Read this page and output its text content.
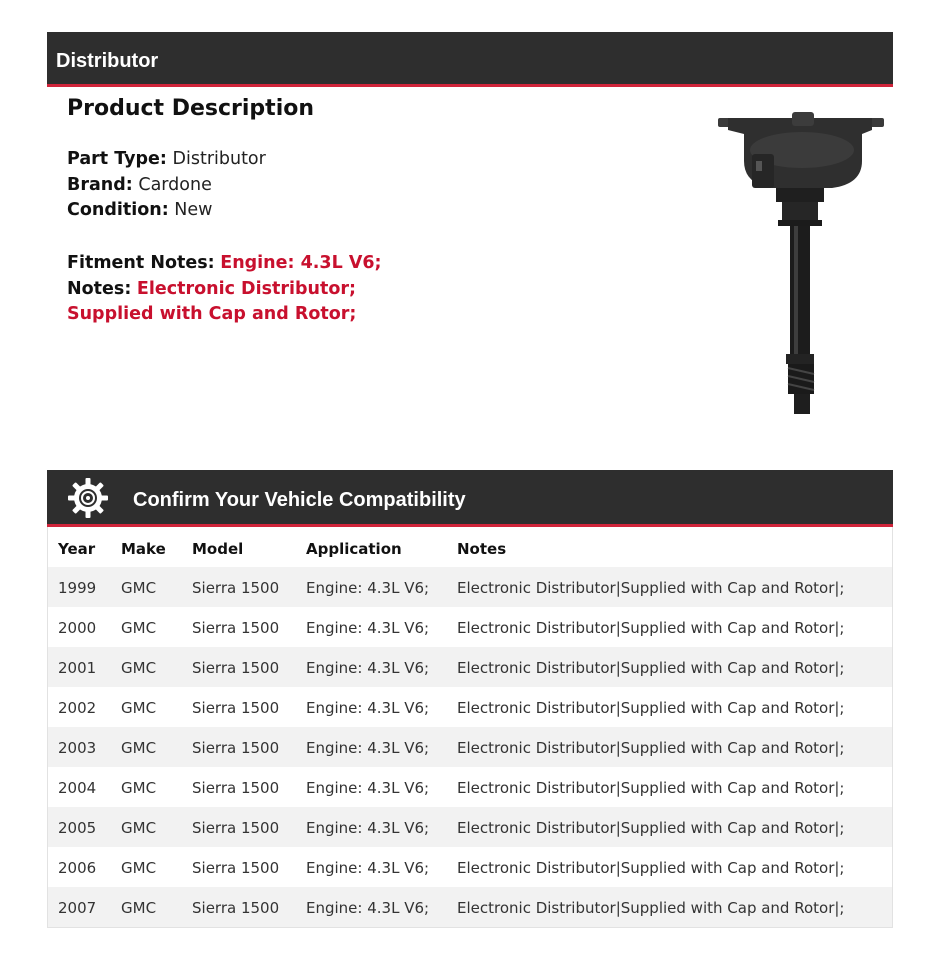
Distributor
Product Description
Part Type: Distributor
Brand: Cardone
Condition: New
Fitment Notes: Engine: 4.3L V6;
Notes: Electronic Distributor; Supplied with Cap and Rotor;
Confirm Your Vehicle Compatibility
Year Make Model	Application	Notes
1999 GMC Sierra 1500 Engine: 4.3L V6; Electronic Distributor|Supplied with Cap and Rotor|;
2000 GMC Sierra 1500 Engine: 4.3L V6; Electronic Distributor|Supplied with Cap and Rotor|;
2001 GMC Sierra 1500 Engine: 4.3L V6; Electronic Distributor|Supplied with Cap and Rotor|;
2002 GMC Sierra 1500 Engine: 4.3L V6; Electronic Distributor|Supplied with Cap and Rotor|;
2003 GMC Sierra 1500 Engine: 4.3L V6; Electronic Distributor|Supplied with Cap and Rotor|;
2004 GMC Sierra 1500 Engine: 4.3L V6; Electronic Distributor|Supplied with Cap and Rotor|;
2005 GMC Sierra 1500 Engine: 4.3L V6; Electronic Distributor|Supplied with Cap and Rotor|;
2006 GMC Sierra 1500 Engine: 4.3L V6; Electronic Distributor|Supplied with Cap and Rotor|;
2007 GMC Sierra 1500 Engine: 4.3L V6; Electronic Distributor|Supplied with Cap and Rotor|;
